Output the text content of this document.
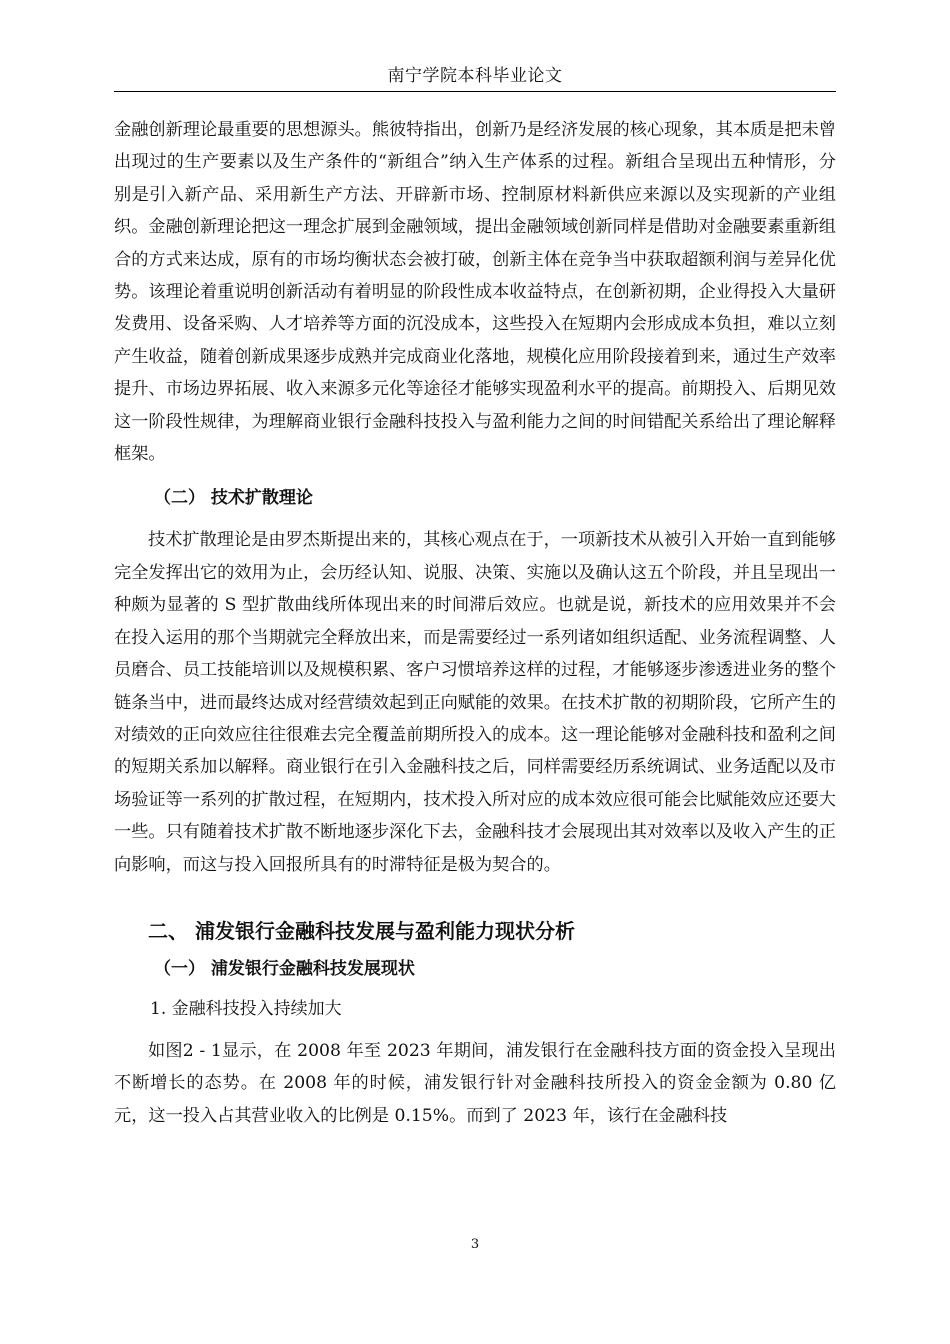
南宁学院本科毕业论文

金融创新理论最重要的思想源头。熊彼特指出，创新乃是经济发展的核心现象，其本质是把未曾出现过的生产要素以及生产条件的“新组合”纳入生产体系的过程。新组合呈现出五种情形，分别是引入新产品、采用新生产方法、开辟新市场、控制原材料新供应来源以及实现新的产业组织。金融创新理论把这一理念扩展到金融领域，提出金融领域创新同样是借助对金融要素重新组合的方式来达成，原有的市场均衡状态会被打破，创新主体在竞争当中获取超额利润与差异化优势。该理论着重说明创新活动有着明显的阶段性成本收益特点，在创新初期，企业得投入大量研发费用、设备采购、人才培养等方面的沉没成本，这些投入在短期内会形成成本负担，难以立刻产生收益，随着创新成果逐步成熟并完成商业化落地，规模化应用阶段接着到来，通过生产效率提升、市场边界拓展、收入来源多元化等途径才能够实现盈利水平的提高。前期投入、后期见效这一阶段性规律，为理解商业银行金融科技投入与盈利能力之间的时间错配关系给出了理论解释框架。

（二） 技术扩散理论

技术扩散理论是由罗杰斯提出来的，其核心观点在于，一项新技术从被引入开始一直到能够完全发挥出它的效用为止，会历经认知、说服、决策、实施以及确认这五个阶段，并且呈现出一种颇为显著的 S 型扩散曲线所体现出来的时间滞后效应。也就是说，新技术的应用效果并不会在投入运用的那个当期就完全释放出来，而是需要经过一系列诸如组织适配、业务流程调整、人员磨合、员工技能培训以及规模积累、客户习惯培养这样的过程，才能够逐步渗透进业务的整个链条当中，进而最终达成对经营绩效起到正向赋能的效果。在技术扩散的初期阶段，它所产生的对绩效的正向效应往往很难去完全覆盖前期所投入的成本。这一理论能够对金融科技和盈利之间的短期关系加以解释。商业银行在引入金融科技之后，同样需要经历系统调试、业务适配以及市场验证等一系列的扩散过程，在短期内，技术投入所对应的成本效应很可能会比赋能效应还要大一些。只有随着技术扩散不断地逐步深化下去，金融科技才会展现出其对效率以及收入产生的正向影响，而这与投入回报所具有的时滞特征是极为契合的。

二、 浦发银行金融科技发展与盈利能力现状分析

（一） 浦发银行金融科技发展现状

1. 金融科技投入持续加大

如图2 - 1显示，在 2008 年至 2023 年期间，浦发银行在金融科技方面的资金投入呈现出不断增长的态势。在 2008 年的时候，浦发银行针对金融科技所投入的资金金额为 0.80 亿元，这一投入占其营业收入的比例是 0.15%。而到了 2023 年，该行在金融科技

3
